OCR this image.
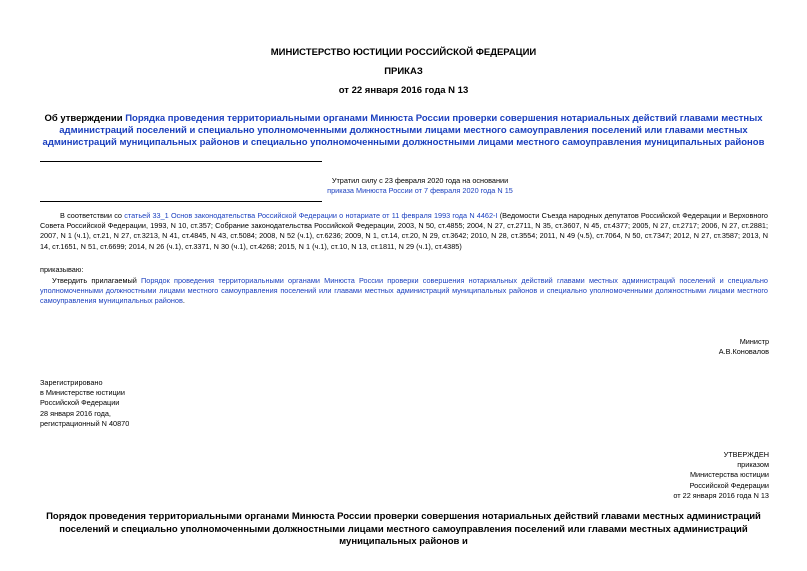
МИНИСТЕРСТВО ЮСТИЦИИ РОССИЙСКОЙ ФЕДЕРАЦИИ
ПРИКАЗ
от 22 января 2016 года N 13
Об утверждении Порядка проведения территориальными органами Минюста России проверки совершения нотариальных действий главами местных администраций поселений и специально уполномоченными должностными лицами местного самоуправления поселений или главами местных администраций муниципальных районов и специально уполномоченными должностными лицами местного самоуправления муниципальных районов

Утратил силу с 23 февраля 2020 года на основании

приказа Минюста России от 7 февраля 2020 года N 15

В соответствии со статьей 33_1 Основ законодательства Российской Федерации о нотариате от 11 февраля 1993 года N 4462-I (Ведомости Съезда народных депутатов Российской Федерации и Верховного Совета Российской Федерации, 1993, N 10, ст.357; Собрание законодательства Российской Федерации, 2003, N 50, ст.4855; 2004, N 27, ст.2711, N 35, ст.3607, N 45, ст.4377; 2005, N 27, ст.2717; 2006, N 27, ст.2881; 2007, N 1 (ч.1), ст.21, N 27, ст.3213, N 41, ст.4845, N 43, ст.5084; 2008, N 52 (ч.1), ст.6236; 2009, N 1, ст.14, ст.20, N 29, ст.3642; 2010, N 28, ст.3554; 2011, N 49 (ч.5), ст.7064, N 50, ст.7347; 2012, N 27, ст.3587; 2013, N 14, ст.1651, N 51, ст.6699; 2014, N 26 (ч.1), ст.3371, N 30 (ч.1), ст.4268; 2015, N 1 (ч.1), ст.10, N 13, ст.1811, N 29 (ч.1), ст.4385)
приказываю:
Утвердить прилагаемый Порядок проведения территориальными органами Минюста России проверки совершения нотариальных действий главами местных администраций поселений и специально уполномоченными должностными лицами местного самоуправления поселений или главами местных администраций муниципальных районов и специально уполномоченными должностными лицами местного самоуправления муниципальных районов.

Министр

А.В.Коновалов

Зарегистрировано

в Министерстве юстиции

Российской Федерации

28 января 2016 года,

регистрационный N 40870

УТВЕРЖДЕН

приказом

Министерства юстиции

Российской Федерации

от 22 января 2016 года N 13

Порядок проведения территориальными органами Минюста России проверки совершения нотариальных действий главами местных администраций поселений и специально уполномоченными должностными лицами местного самоуправления поселений или главами местных администраций муниципальных районов и
